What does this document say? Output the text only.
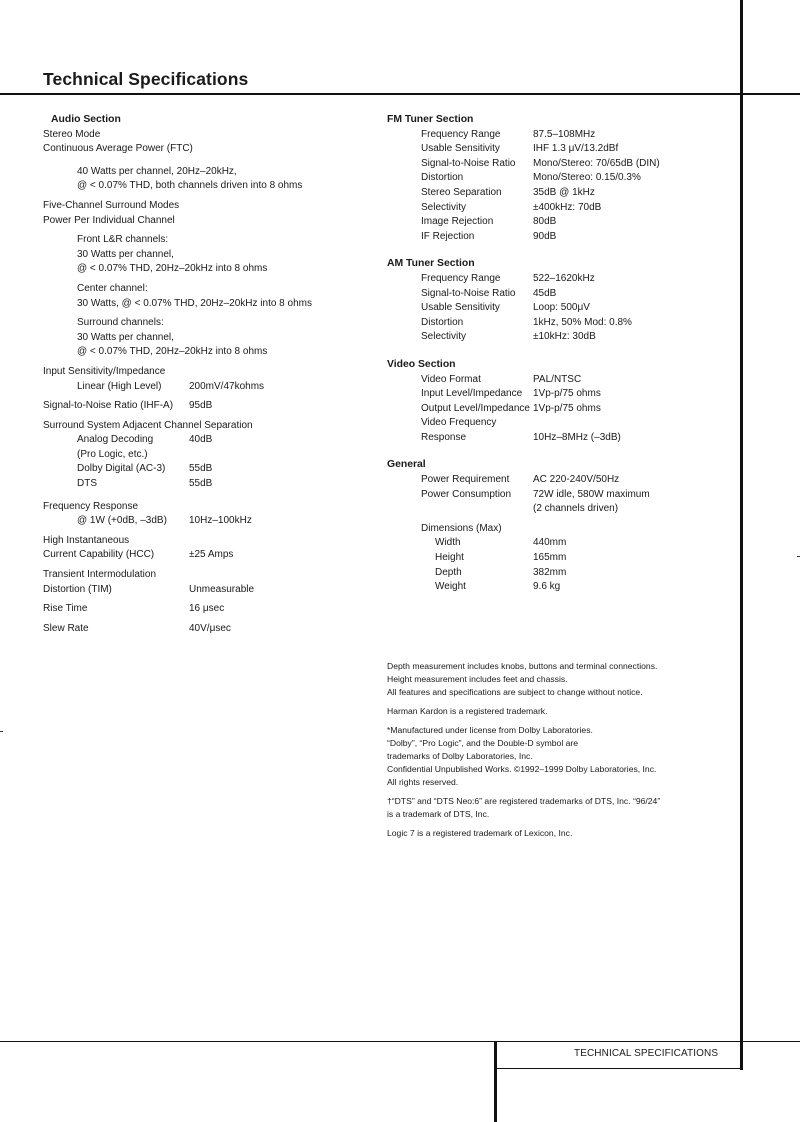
Technical Specifications
Audio Section
Stereo Mode
Continuous Average Power (FTC)
40 Watts per channel, 20Hz–20kHz,
@ < 0.07% THD, both channels driven into 8 ohms
Five-Channel Surround Modes
Power Per Individual Channel
Front L&R channels:
30 Watts per channel,
@ < 0.07% THD, 20Hz–20kHz into 8 ohms
Center channel:
30 Watts, @ < 0.07% THD, 20Hz–20kHz into 8 ohms
Surround channels:
30 Watts per channel,
@ < 0.07% THD, 20Hz–20kHz into 8 ohms
Input Sensitivity/Impedance
Linear (High Level)	200mV/47kohms
Signal-to-Noise Ratio (IHF-A)	95dB
Surround System Adjacent Channel Separation
Analog Decoding	40dB
(Pro Logic, etc.)
Dolby Digital (AC-3)	55dB
DTS	55dB
Frequency Response
@ 1W (+0dB, –3dB)	10Hz–100kHz
High Instantaneous
Current Capability (HCC)	±25 Amps
Transient Intermodulation
Distortion (TIM)	Unmeasurable
Rise Time	16 μsec
Slew Rate	40V/μsec
FM Tuner Section
Frequency Range	87.5–108MHz
Usable Sensitivity	IHF 1.3 μV/13.2dBf
Signal-to-Noise Ratio	Mono/Stereo: 70/65dB (DIN)
Distortion	Mono/Stereo: 0.15/0.3%
Stereo Separation	35dB @ 1kHz
Selectivity	±400kHz: 70dB
Image Rejection	80dB
IF Rejection	90dB
AM Tuner Section
Frequency Range	522–1620kHz
Signal-to-Noise Ratio	45dB
Usable Sensitivity	Loop: 500μV
Distortion	1kHz, 50% Mod: 0.8%
Selectivity	±10kHz: 30dB
Video Section
Video Format	PAL/NTSC
Input Level/Impedance	1Vp-p/75 ohms
Output Level/Impedance 1Vp-p/75 ohms
Video Frequency
Response	10Hz–8MHz (–3dB)
General
Power Requirement	AC 220-240V/50Hz
Power Consumption	72W idle, 580W maximum
(2 channels driven)
Dimensions (Max)
Width	440mm
Height	165mm
Depth	382mm
Weight	9.6 kg

Depth measurement includes knobs, buttons and terminal connections.
Height measurement includes feet and chassis.
All features and specifications are subject to change without notice.

Harman Kardon is a registered trademark.

*Manufactured under license from Dolby Laboratories.
“Dolby”, “Pro Logic”, and the Double-D symbol are
trademarks of Dolby Laboratories, Inc.
Confidential Unpublished Works. ©1992–1999 Dolby Laboratories, Inc.
All rights reserved.

†“DTS” and “DTS Neo:6” are registered trademarks of DTS, Inc. “96/24”
is a trademark of DTS, Inc.

Logic 7 is a registered trademark of Lexicon, Inc.

TECHNICAL SPECIFICATIONS
